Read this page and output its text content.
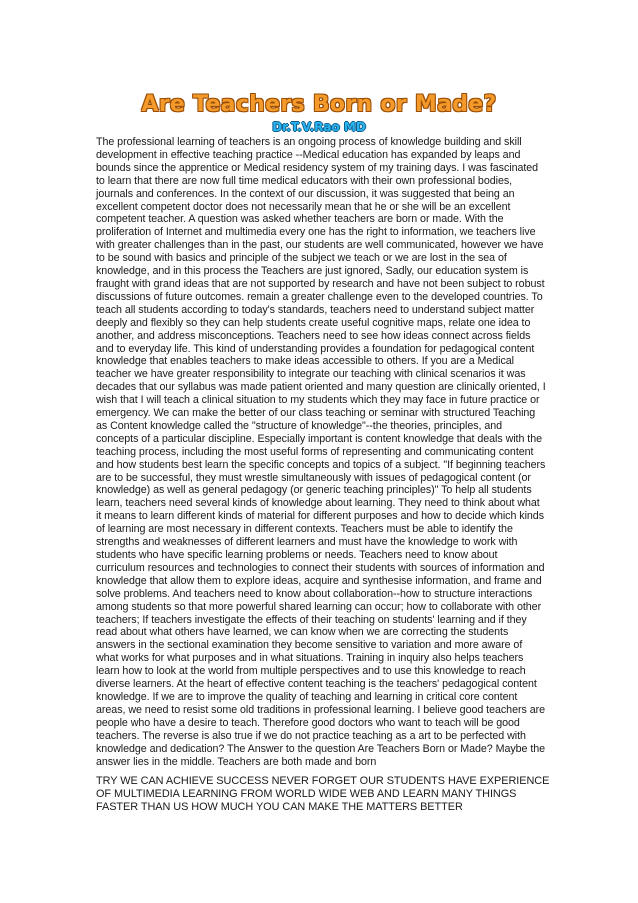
Are Teachers Born or Made?
Dr.T.V.Rao MD

The professional learning of teachers is an ongoing process of knowledge building and skill development in effective teaching practice --Medical education has expanded by leaps and bounds since the apprentice or Medical residency system of my training days. I was fascinated to learn that there are now full time medical educators with their own professional bodies, journals and conferences. In the context of our discussion, it was suggested that being an excellent competent doctor does not necessarily mean that he or she will be an excellent competent teacher. A question was asked whether teachers are born or made. With the proliferation of Internet and multimedia every one has the right to information, we teachers live with greater challenges than in the past, our students are well communicated, however we have to be sound with basics and principle of the subject we teach or we are lost in the sea of knowledge, and in this process the Teachers are just ignored, Sadly, our education system is fraught with grand ideas that are not supported by research and have not been subject to robust discussions of future outcomes. remain a greater challenge even to the developed countries. To teach all students according to today's standards, teachers need to understand subject matter deeply and flexibly so they can help students create useful cognitive maps, relate one idea to another, and address misconceptions. Teachers need to see how ideas connect across fields and to everyday life. This kind of understanding provides a foundation for pedagogical content knowledge that enables teachers to make ideas accessible to others. If you are a Medical teacher we have greater responsibility to integrate our teaching with clinical scenarios it was decades that our syllabus was made patient oriented and many question are clinically oriented, I wish that I will teach a clinical situation to my students which they may face in future practice or emergency. We can make the better of our class teaching or seminar with structured Teaching as Content knowledge called the "structure of knowledge"--the theories, principles, and concepts of a particular discipline. Especially important is content knowledge that deals with the teaching process, including the most useful forms of representing and communicating content and how students best learn the specific concepts and topics of a subject. "If beginning teachers are to be successful, they must wrestle simultaneously with issues of pedagogical content (or knowledge) as well as general pedagogy (or generic teaching principles)" To help all students learn, teachers need several kinds of knowledge about learning. They need to think about what it means to learn different kinds of material for different purposes and how to decide which kinds of learning are most necessary in different contexts. Teachers must be able to identify the strengths and weaknesses of different learners and must have the knowledge to work with students who have specific learning problems or needs. Teachers need to know about curriculum resources and technologies to connect their students with sources of information and knowledge that allow them to explore ideas, acquire and synthesise information, and frame and solve problems. And teachers need to know about collaboration--how to structure interactions among students so that more powerful shared learning can occur; how to collaborate with other teachers; If teachers investigate the effects of their teaching on students' learning and if they read about what others have learned, we can know when we are correcting the students answers in the sectional examination they become sensitive to variation and more aware of what works for what purposes and in what situations. Training in inquiry also helps teachers learn how to look at the world from multiple perspectives and to use this knowledge to reach diverse learners. At the heart of effective content teaching is the teachers' pedagogical content knowledge. If we are to improve the quality of teaching and learning in critical core content areas, we need to resist some old traditions in professional learning. I believe good teachers are people who have a desire to teach. Therefore good doctors who want to teach will be good teachers. The reverse is also true if we do not practice teaching as a art to be perfected with knowledge and dedication? The Answer to the question Are Teachers Born or Made? Maybe the answer lies in the middle. Teachers are both made and born

TRY WE CAN ACHIEVE SUCCESS NEVER FORGET OUR STUDENTS HAVE EXPERIENCE OF MULTIMEDIA LEARNING FROM WORLD WIDE WEB AND LEARN MANY THINGS FASTER THAN US HOW MUCH YOU CAN MAKE THE MATTERS BETTER
